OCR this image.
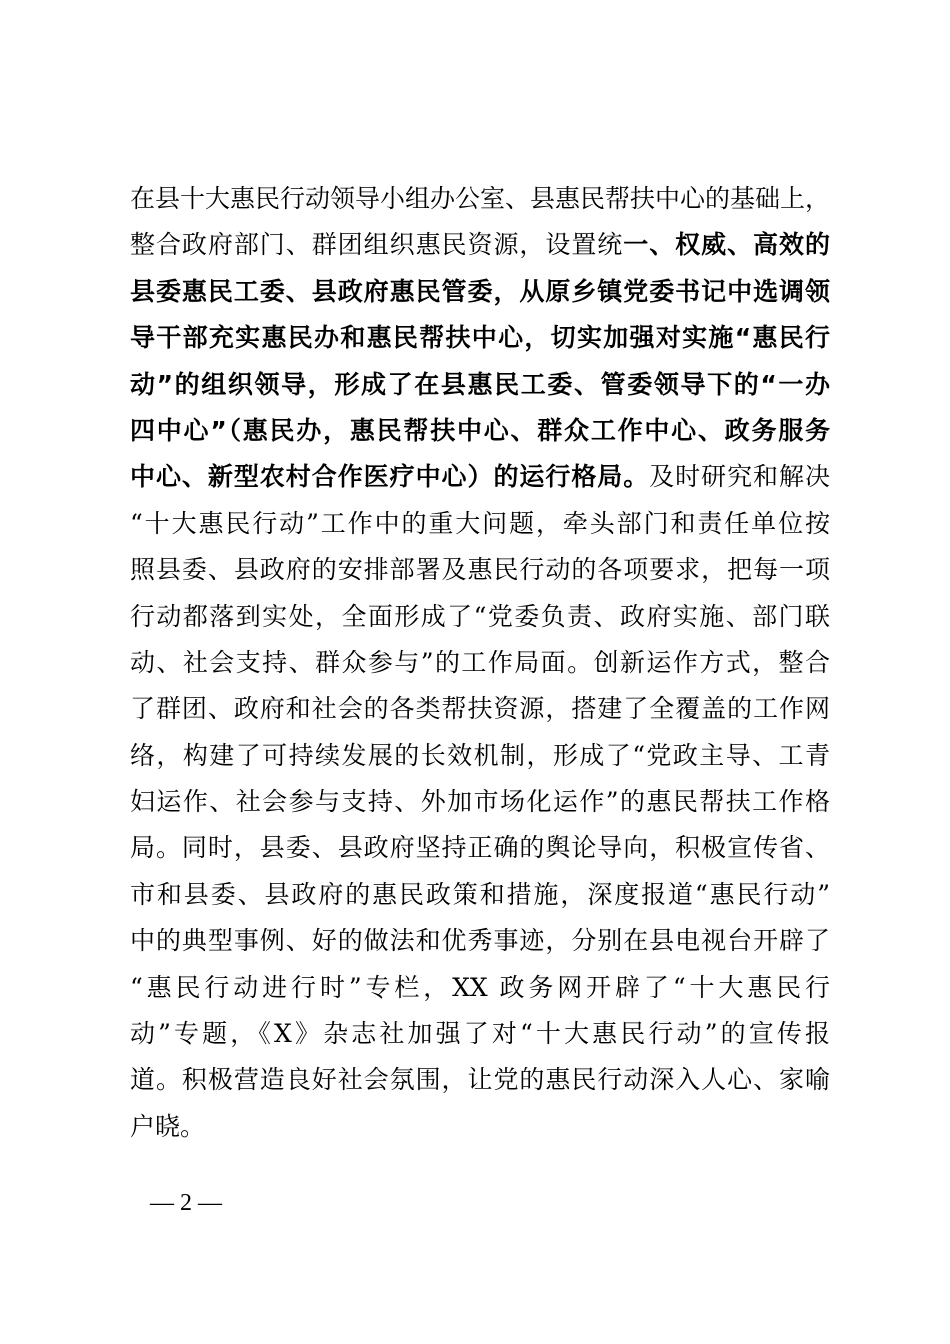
在县十大惠民行动领导小组办公室、县惠民帮扶中心的基础上，
整合政府部门、群团组织惠民资源，设置统一、权威、高效的
县委惠民工委、县政府惠民管委，从原乡镇党委书记中选调领
导干部充实惠民办和惠民帮扶中心，切实加强对实施“惠民行
动”的组织领导，形成了在县惠民工委、管委领导下的“一办
四中心”（惠民办，惠民帮扶中心、群众工作中心、政务服务
中心、新型农村合作医疗中心）的运行格局。及时研究和解决
“十大惠民行动”工作中的重大问题，牵头部门和责任单位按
照县委、县政府的安排部署及惠民行动的各项要求，把每一项
行动都落到实处，全面形成了“党委负责、政府实施、部门联
动、社会支持、群众参与”的工作局面。创新运作方式，整合
了群团、政府和社会的各类帮扶资源，搭建了全覆盖的工作网
络，构建了可持续发展的长效机制，形成了“党政主导、工青
妇运作、社会参与支持、外加市场化运作”的惠民帮扶工作格
局。同时，县委、县政府坚持正确的舆论导向，积极宣传省、
市和县委、县政府的惠民政策和措施，深度报道“惠民行动”
中的典型事例、好的做法和优秀事迹，分别在县电视台开辟了
“惠民行动进行时”专栏，XX 政务网开辟了“十大惠民行
动”专题，《X》杂志社加强了对“十大惠民行动”的宣传报
道。积极营造良好社会氛围，让党的惠民行动深入人心、家喻
户晓。
— 2 —
